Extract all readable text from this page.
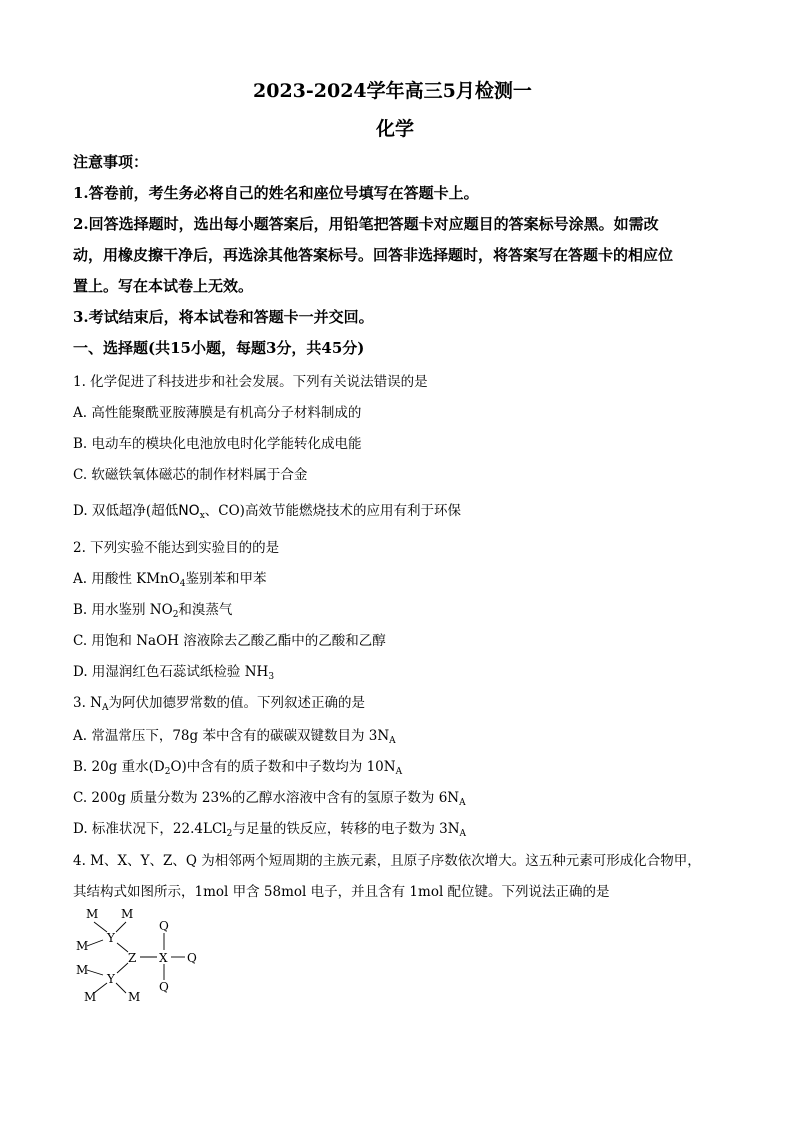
2023-2024学年高三5月检测一
化学
注意事项：
1.答卷前，考生务必将自己的姓名和座位号填写在答题卡上。
2.回答选择题时，选出每小题答案后，用铅笔把答题卡对应题目的答案标号涂黑。如需改
动，用橡皮擦干净后，再选涂其他答案标号。回答非选择题时，将答案写在答题卡的相应位
置上。写在本试卷上无效。
3.考试结束后，将本试卷和答题卡一并交回。
一、选择题(共15小题，每题3分，共45分)
1. 化学促进了科技进步和社会发展。下列有关说法错误的是
A. 高性能聚酰亚胺薄膜是有机高分子材料制成的
B. 电动车的模块化电池放电时化学能转化成电能
C. 软磁铁氧体磁芯的制作材料属于合金
D. 双低超净(超低$NO_x$、CO)高效节能燃烧技术的应用有利于环保
2. 下列实验不能达到实验目的的是
A. 用酸性 KMnO$_4$鉴别苯和甲苯
B. 用水鉴别 $NO_2$和溴蒸气
C. 用饱和 NaOH 溶液除去乙酸乙酯中的乙酸和乙醇
D. 用湿润红色石蕊试纸检验 $NH_3$
3. $N_A$为阿伏加德罗常数的值。下列叙述正确的是
A. 常温常压下，78g 苯中含有的碳碳双键数目为 $3N_A$
B. 20g 重水$(D_2O)$中含有的质子数和中子数均为 $10N_A$
C. 200g 质量分数为 23%的乙醇水溶液中含有的氢原子数为 $6N_A$
D. 标准状况下，22.4LCl$_2$与足量的铁反应，转移的电子数为 $3N_A$
4. M、X、Y、Z、Q 为相邻两个短周期的主族元素，且原子序数依次增大。这五种元素可形成化合物甲，
其结构式如图所示，1mol 甲含 58mol 电子，并且含有 1mol 配位键。下列说法正确的是
M M
Y
M
Z X
Q
Q
Q
M
Y
M	M
